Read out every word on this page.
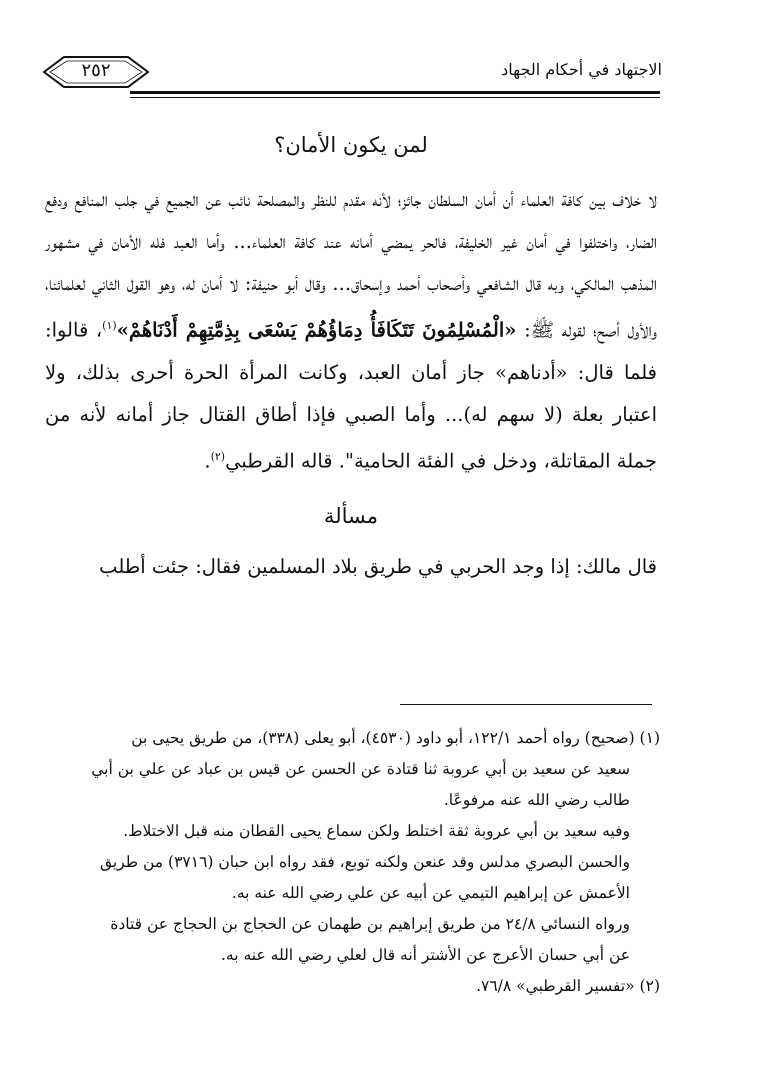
الاجتهاد في أحكام الجهاد
٢٥٢
لمن يكون الأمان؟
لا خلاف بين كافة العلماء أن أمان السلطان جائز؛ لأنه مقدم للنظر والمصلحة نائب عن الجميع في جلب المنافع ودفع الضار، واختلفوا في أمان غير الخليفة، فالحر يمضي أمانه عند كافة العلماء... وأما العبد فله الأمان في مشهور المذهب المالكي، وبه قال الشافعي وأصحاب أحمد وإسحاق... وقال أبو حنيفة: لا أمان له، وهو القول الثاني لعلمائنا، والأول أصح؛ لقوله ﷺ: «الْمُسْلِمُونَ تَتَكَافَأُ دِمَاؤُهُمْ يَسْعَى بِذِمَّتِهِمْ أَدْنَاهُمْ»$^{(١)}$، قالوا: فلما قال: «أدناهم» جاز أمان العبد، وكانت المرأة الحرة أحرى بذلك، ولا اعتبار بعلة (لا سهم له)... وأما الصبي فإذا أطاق القتال جاز أمانه لأنه من جملة المقاتلة، ودخل في الفئة الحامية". قاله القرطبي$^{(٢)}$.
مسألة
قال مالك: إذا وجد الحربي في طريق بلاد المسلمين فقال: جئت أطلب
(١) (صحيح) رواه أحمد ١٢٢/١، أبو داود (٤٥٣٠)، أبو يعلى (٣٣٨)، من طريق يحيى بن
سعيد عن سعيد بن أبي عروبة ثنا قتادة عن الحسن عن قيس بن عباد عن علي بن أبي
طالب رضي الله عنه مرفوعًا.
وفيه سعيد بن أبي عروبة ثقة اختلط ولكن سماع يحيى القطان منه قبل الاختلاط.
والحسن البصري مدلس وقد عنعن ولكنه توبع، فقد رواه ابن حبان (٣٧١٦) من طريق
الأعمش عن إبراهيم التيمي عن أبيه عن علي رضي الله عنه به.
ورواه النسائي ٢٤/٨ من طريق إبراهيم بن طهمان عن الحجاج بن الحجاج عن قتادة
عن أبي حسان الأعرج عن الأشتر أنه قال لعلي رضي الله عنه به.
(٢) «تفسير القرطبي» ٧٦/٨.
